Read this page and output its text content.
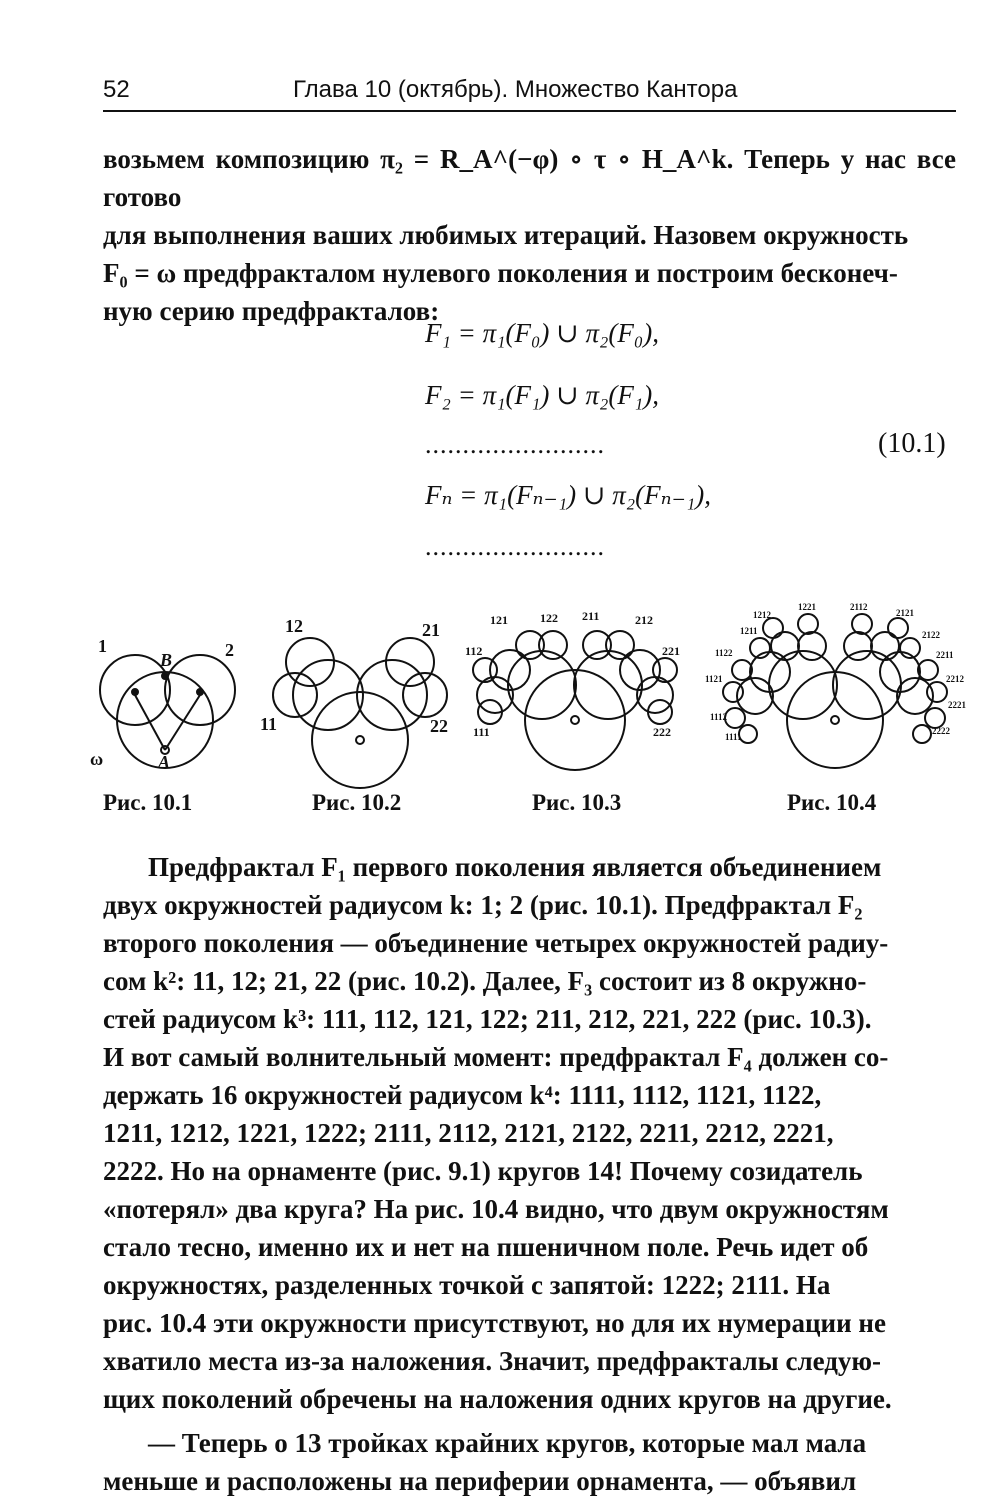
52	Глава 10 (октябрь). Множество Кантора

возьмем композицию π₂ = R_A^(−φ) ∘ τ ∘ H_A^k. Теперь у нас все готово

для выполнения ваших любимых итераций. Назовем окружность

F₀ = ω предфракталом нулевого поколения и построим бесконеч-

ную серию предфракталов:

F₁ = π₁(F₀) ∪ π₂(F₀),
F₂ = π₁(F₁) ∪ π₂(F₁),
........................	(10.1)
Fₙ = π₁(Fₙ₋₁) ∪ π₂(Fₙ₋₁),
........................
1	2
B
A
ω
12	21
11	22
121	122 211	212
112	221
111	222
1212
1221	2112
2121
1211	2122
1122	2211
1121	2212
2221
1112
2222
1111
Рис. 10.1	Рис. 10.2	Рис. 10.3	Рис. 10.4

Предфрактал F₁ первого поколения является объединением

двух окружностей радиусом k: 1; 2 (рис. 10.1). Предфрактал F₂

второго поколения — объединение четырех окружностей радиу-

сом k²: 11, 12; 21, 22 (рис. 10.2). Далее, F₃ состоит из 8 окружно-

стей радиусом k³: 111, 112, 121, 122; 211, 212, 221, 222 (рис. 10.3).

И вот самый волнительный момент: предфрактал F₄ должен со-

держать 16 окружностей радиусом k⁴: 1111, 1112, 1121, 1122,

1211, 1212, 1221, 1222; 2111, 2112, 2121, 2122, 2211, 2212, 2221,

2222. Но на орнаменте (рис. 9.1) кругов 14! Почему созидатель

«потерял» два круга? На рис. 10.4 видно, что двум окружностям

стало тесно, именно их и нет на пшеничном поле. Речь идет об

окружностях, разделенных точкой с запятой: 1222; 2111. На

рис. 10.4 эти окружности присутствуют, но для их нумерации не

хватило места из-за наложения. Значит, предфракталы следую-

щих поколений обречены на наложения одних кругов на другие.

— Теперь о 13 тройках крайних кругов, которые мал мала

меньше и расположены на периферии орнамента, — объявил
